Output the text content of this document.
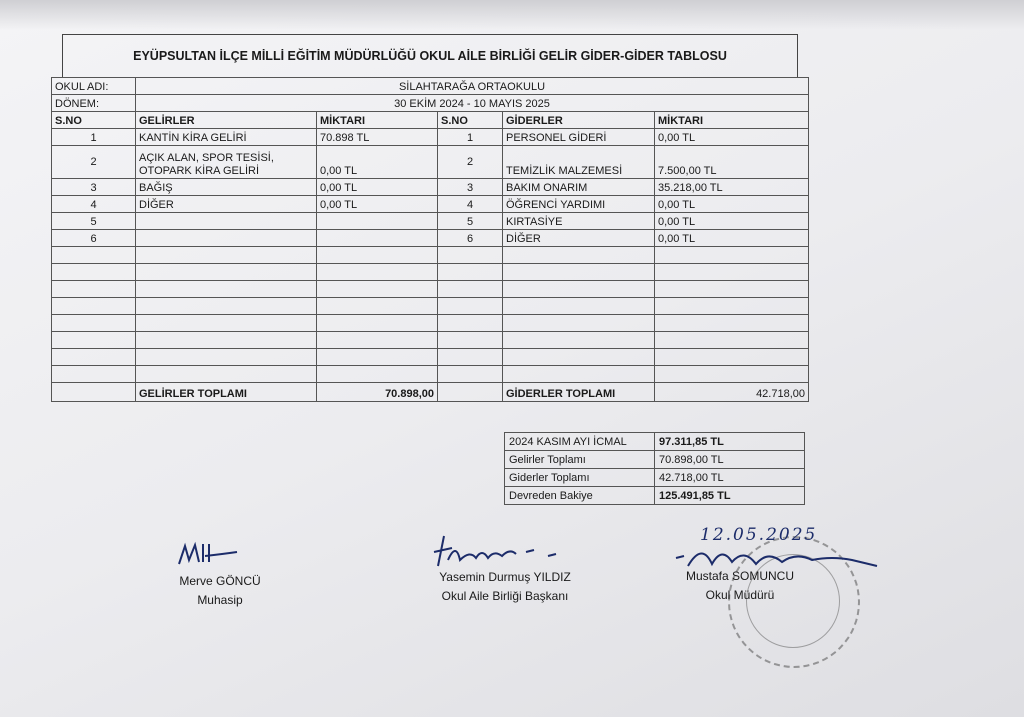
EYÜPSULTAN İLÇE MİLLİ EĞİTİM MÜDÜRLÜĞÜ OKUL AİLE BİRLİĞİ GELİR GİDER-GİDER TABLOSU
OKUL ADI:	SİLAHTARAĞA ORTAOKULU				
DÖNEM:	30 EKİM 2024 - 10 MAYIS 2025				
S.NO	GELİRLER	MİKTARI	S.NO	GİDERLER	MİKTARI
1	KANTİN KİRA GELİRİ	70.898 TL	1	PERSONEL GİDERİ	0,00 TL
2	AÇIK ALAN, SPOR TESİSİ,
OTOPARK KİRA GELİRİ	0,00 TL	2	TEMİZLİK MALZEMESİ	7.500,00 TL
3	BAĞIŞ	0,00 TL	3	BAKIM ONARIM	35.218,00 TL
4	DİĞER	0,00 TL	4	ÖĞRENCİ YARDIMI	0,00 TL
5			5	KIRTASİYE	0,00 TL
6			6	DİĞER	0,00 TL

	GELİRLER TOPLAMI	70.898,00		GİDERLER TOPLAMI	42.718,00
2024 KASIM AYI İCMAL	97.311,85 TL
Gelirler Toplamı	70.898,00 TL
Giderler Toplamı	42.718,00 TL
Devreden Bakiye	125.491,85 TL
12.05.2025
Merve GÖNCÜ
Muhasip
Yasemin Durmuş YILDIZ
Okul Aile Birliği Başkanı
Mustafa SOMUNCU
Okul Müdürü
